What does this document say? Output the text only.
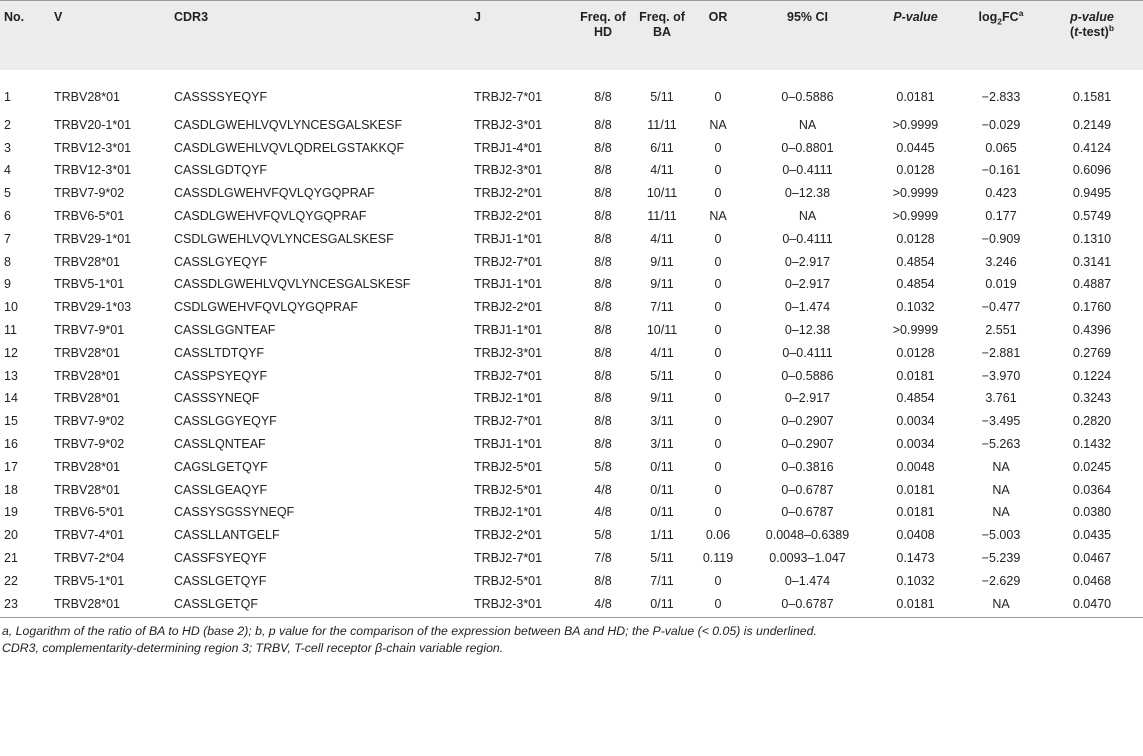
No.	V	CDR3	J	Freq. of HD	Freq. of BA	OR	95% CI	P-value	$\log_2FC^a$	p-value
(t-test)$^b$
1	TRBV28*01	CASSSSYEQYF	TRBJ2-7*01	8/8	5/11	0	0–0.5886	0.0181	−2.833	0.1581
2	TRBV20-1*01	CASDLGWEHLVQVLYNCESGALSKESF	TRBJ2-3*01	8/8	11/11	NA	NA	>0.9999	−0.029	0.2149
3	TRBV12-3*01	CASDLGWEHLVQVLQDRELGSTAKKQF	TRBJ1-4*01	8/8	6/11	0	0–0.8801	0.0445	0.065	0.4124
4	TRBV12-3*01	CASSLGDTQYF	TRBJ2-3*01	8/8	4/11	0	0–0.4111	0.0128	−0.161	0.6096
5	TRBV7-9*02	CASSDLGWEHVFQVLQYGQPRAF	TRBJ2-2*01	8/8	10/11	0	0–12.38	>0.9999	0.423	0.9495
6	TRBV6-5*01	CASDLGWEHVFQVLQYGQPRAF	TRBJ2-2*01	8/8	11/11	NA	NA	>0.9999	0.177	0.5749
7	TRBV29-1*01	CSDLGWEHLVQVLYNCESGALSKESF	TRBJ1-1*01	8/8	4/11	0	0–0.4111	0.0128	−0.909	0.1310
8	TRBV28*01	CASSLGYEQYF	TRBJ2-7*01	8/8	9/11	0	0–2.917	0.4854	3.246	0.3141
9	TRBV5-1*01	CASSDLGWEHLVQVLYNCESGALSKESF	TRBJ1-1*01	8/8	9/11	0	0–2.917	0.4854	0.019	0.4887
10	TRBV29-1*03	CSDLGWEHVFQVLQYGQPRAF	TRBJ2-2*01	8/8	7/11	0	0–1.474	0.1032	−0.477	0.1760
11	TRBV7-9*01	CASSLGGNTEAF	TRBJ1-1*01	8/8	10/11	0	0–12.38	>0.9999	2.551	0.4396
12	TRBV28*01	CASSLTDTQYF	TRBJ2-3*01	8/8	4/11	0	0–0.4111	0.0128	−2.881	0.2769
13	TRBV28*01	CASSPSYEQYF	TRBJ2-7*01	8/8	5/11	0	0–0.5886	0.0181	−3.970	0.1224
14	TRBV28*01	CASSSYNEQF	TRBJ2-1*01	8/8	9/11	0	0–2.917	0.4854	3.761	0.3243
15	TRBV7-9*02	CASSLGGYEQYF	TRBJ2-7*01	8/8	3/11	0	0–0.2907	0.0034	−3.495	0.2820
16	TRBV7-9*02	CASSLQNTEAF	TRBJ1-1*01	8/8	3/11	0	0–0.2907	0.0034	−5.263	0.1432
17	TRBV28*01	CAGSLGETQYF	TRBJ2-5*01	5/8	0/11	0	0–0.3816	0.0048	NA	0.0245
18	TRBV28*01	CASSLGEAQYF	TRBJ2-5*01	4/8	0/11	0	0–0.6787	0.0181	NA	0.0364
19	TRBV6-5*01	CASSYSGSSYNEQF	TRBJ2-1*01	4/8	0/11	0	0–0.6787	0.0181	NA	0.0380
20	TRBV7-4*01	CASSLLANTGELF	TRBJ2-2*01	5/8	1/11	0.06	0.0048–0.6389	0.0408	−5.003	0.0435
21	TRBV7-2*04	CASSFSYEQYF	TRBJ2-7*01	7/8	5/11	0.119	0.0093–1.047	0.1473	−5.239	0.0467
22	TRBV5-1*01	CASSLGETQYF	TRBJ2-5*01	8/8	7/11	0	0–1.474	0.1032	−2.629	0.0468
23	TRBV28*01	CASSLGETQF	TRBJ2-3*01	4/8	0/11	0	0–0.6787	0.0181	NA	0.0470
a, Logarithm of the ratio of BA to HD (base 2); b, p value for the comparison of the expression between BA and HD; the P-value (< 0.05) is underlined.
CDR3, complementarity-determining region 3; TRBV, T-cell receptor β-chain variable region.
